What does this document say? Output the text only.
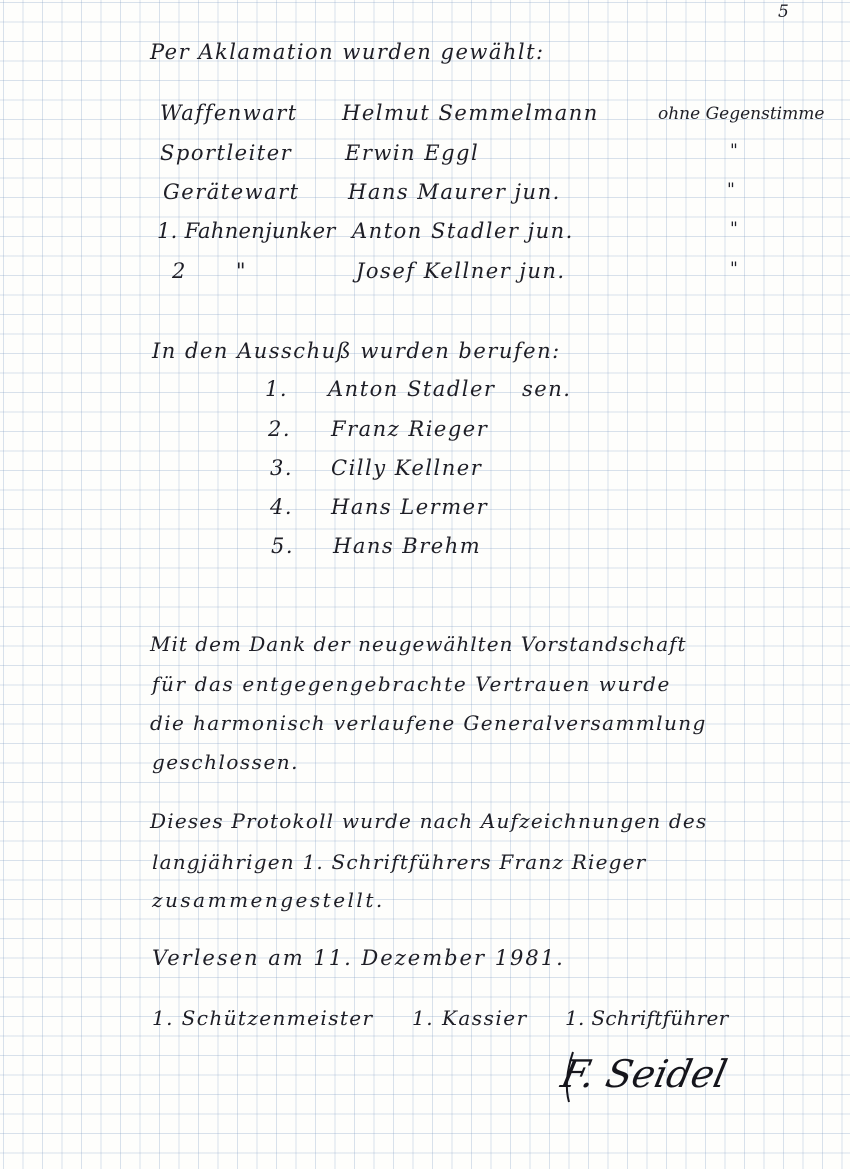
5
Per Aklamation wurden gewählt:
Waffenwart Helmut Semmelmann	ohne Gegenstimme
Sportleiter	Erwin Eggl	"
Gerätewart Hans Maurer jun.	"
1. Fahnenjunker Anton Stadler jun.	"
2      "	Josef Kellner jun.	"
In den Ausschuß wurden berufen:
1. Anton Stadler sen.
2. Franz Rieger
3. Cilly Kellner
4. Hans Lermer
5. Hans Brehm
Mit dem Dank der neugewählten Vorstandschaft
für das entgegengebrachte Vertrauen wurde
die harmonisch verlaufene Generalversammlung
geschlossen.
Dieses Protokoll wurde nach Aufzeichnungen des
langjährigen 1. Schriftführers Franz Rieger
zusammengestellt.
Verlesen am 11. Dezember 1981.
1. Schützenmeister 1. Kassier 1. Schriftführer
F. Seidel
